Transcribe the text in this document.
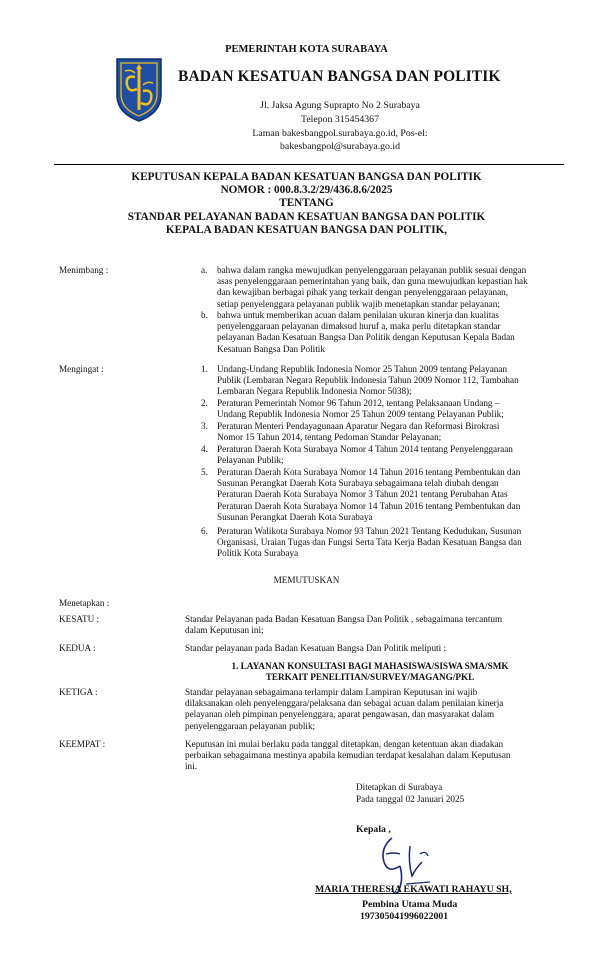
PEMERINTAH KOTA SURABAYA
BADAN KESATUAN BANGSA DAN POLITIK
Jl. Jaksa Agung Suprapto No 2 Surabaya
Telepon 315454367
Laman bakesbangpol.surabaya.go.id, Pos-el:
bakesbangpol@surabaya.go.id
KEPUTUSAN KEPALA BADAN KESATUAN BANGSA DAN POLITIK
NOMOR : 000.8.3.2/29/436.8.6/2025
TENTANG
STANDAR PELAYANAN BADAN KESATUAN BANGSA DAN POLITIK
KEPALA BADAN KESATUAN BANGSA DAN POLITIK,
Menimbang :	a. bahwa dalam rangka mewujudkan penyelenggaraan pelayanan publik sesuai dengan
asas penyelenggaraan pemerintahan yang baik, dan guna mewujudkan kepastian hak
dan kewajiban berbagai pihak yang terkait dengan penyelenggaraan pelayanan,
setiap penyelenggara pelayanan publik wajib menetapkan standar pelayanan;
b. bahwa untuk memberikan acuan dalam penilaian ukuran kinerja dan kualitas
penyelenggaraan pelayanan dimaksud huruf a, maka perlu ditetapkan standar
pelayanan Badan Kesatuan Bangsa Dan Politik dengan Keputusan Kepala Badan
Kesatuan Bangsa Dan Politik
Mengingat :	1. Undang-Undang Republik Indonesia Nomor 25 Tahun 2009 tentang Pelayanan
Publik (Lembaran Negara Republik Indonesia Tahun 2009 Nomor 112, Tambahan
Lembaran Negara Republik Indonesia Nomor 5038);
2. Peraturan Pemerintah Nomor 96 Tahun 2012, tentang Pelaksanaan Undang –
Undang Republik Indonesia Nomor 25 Tahun 2009 tentang Pelayanan Publik;
3. Peraturan Menteri Pendayagunaan Aparatur Negara dan Reformasi Birokrasi
Nomor 15 Tahun 2014, tentang Pedoman Standar Pelayanan;
4. Peraturan Daerah Kota Surabaya Nomor 4 Tahun 2014 tentang Penyelenggaraan
Pelayanan Publik;
5. Peraturan Daerah Kota Surabaya Nomor 14 Tahun 2016 tentang Pembentukan dan
Susunan Perangkat Daerah Kota Surabaya sebagaimana telah diubah dengan
Peraturan Daerah Kota Surabaya Nomor 3 Tahun 2021 tentang Perubahan Atas
Peraturan Daerah Kota Surabaya Nomor 14 Tahun 2016 tentang Pembentukan dan
Susunan Perangkat Daerah Kota Surabaya
6. Peraturan Walikota Surabaya Nomor 93 Tahun 2021 Tentang Kedudukan, Susunan
Organisasi, Uraian Tugas dan Fungsi Serta Tata Kerja Badan Kesatuan Bangsa dan
Politik Kota Surabaya
MEMUTUSKAN
Menetapkan :
KESATU :	Standar Pelayanan pada Badan Kesatuan Bangsa Dan Politik , sebagaimana tercantum
dalam Keputusan ini;
KEDUA :	Standar pelayanan pada Badan Kesatuan Bangsa Dan Politik meliputi :
1. LAYANAN KONSULTASI BAGI MAHASISWA/SISWA SMA/SMK
TERKAIT PENELITIAN/SURVEY/MAGANG/PKL
KETIGA :	Standar pelayanan sebagaimana terlampir dalam Lampiran Keputusan ini wajib
dilaksanakan oleh penyelenggara/pelaksana dan sebagai acuan dalam penilaian kinerja
pelayanan oleh pimpinan penyelenggara, aparat pengawasan, dan masyarakat dalam
penyelenggaraan pelayanan publik;
KEEMPAT :	Keputusan ini mulai berlaku pada tanggal ditetapkan, dengan ketentuan akan diadakan
perbaikan sebagaimana mestinya apabila kemudian terdapat kesalahan dalam Keputusan
ini.
Ditetapkan di Surabaya
Pada tanggal 02 Januari 2025
Kepala ,
MARIA THERESIA EKAWATI RAHAYU SH,
Pembina Utama Muda
197305041996022001
